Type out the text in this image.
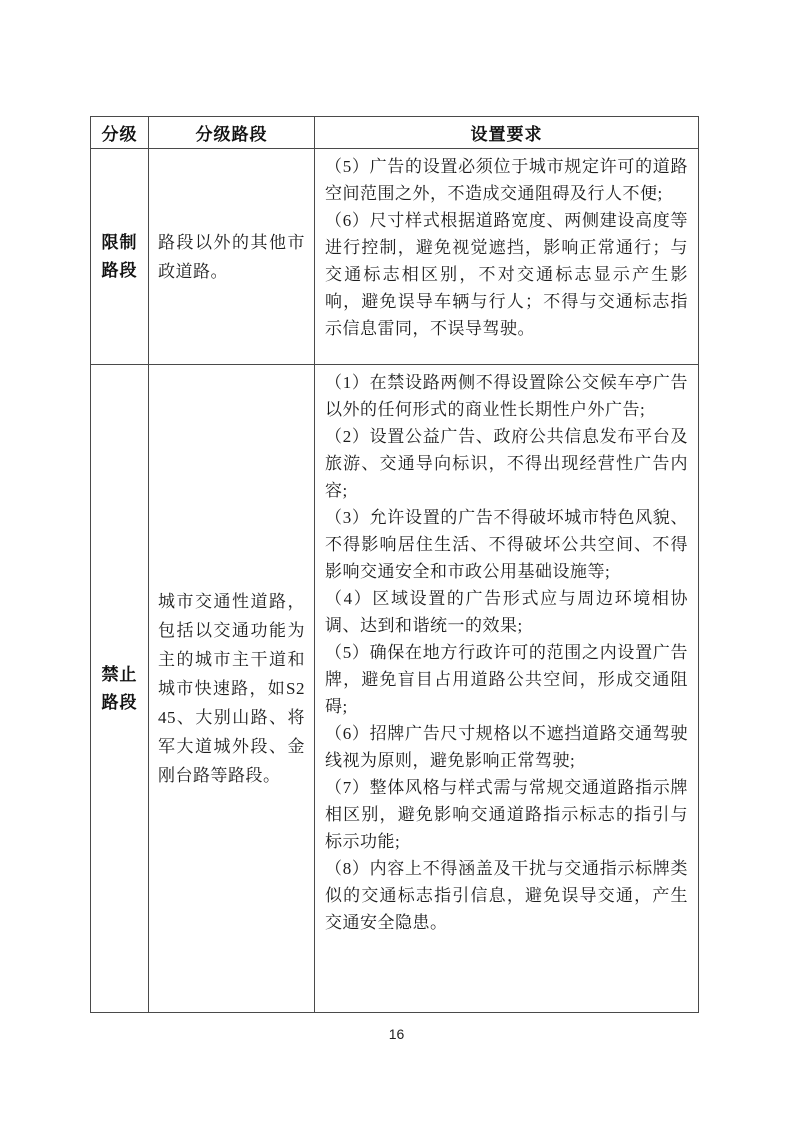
分级	分级路段	设置要求
限制路段	路段以外的其他市政道路。	（5）广告的设置必须位于城市规定许可的道路空间范围之外，不造成交通阻碍及行人不便;

（6）尺寸样式根据道路宽度、两侧建设高度等进行控制，避免视觉遮挡，影响正常通行；与交通标志相区别，不对交通标志显示产生影响，避免误导车辆与行人；不得与交通标志指示信息雷同，不误导驾驶。

禁止路段	城市交通性道路，包括以交通功能为主的城市主干道和城市快速路，如S245、大别山路、将军大道城外段、金刚台路等路段。	

（1）在禁设路两侧不得设置除公交候车亭广告以外的任何形式的商业性长期性户外广告;

（2）设置公益广告、政府公共信息发布平台及旅游、交通导向标识，不得出现经营性广告内容;

（3）允许设置的广告不得破坏城市特色风貌、不得影响居住生活、不得破坏公共空间、不得影响交通安全和市政公用基础设施等;

（4）区域设置的广告形式应与周边环境相协调、达到和谐统一的效果;

（5）确保在地方行政许可的范围之内设置广告牌，避免盲目占用道路公共空间，形成交通阻碍;

（6）招牌广告尺寸规格以不遮挡道路交通驾驶线视为原则，避免影响正常驾驶;

（7）整体风格与样式需与常规交通道路指示牌相区别，避免影响交通道路指示标志的指引与标示功能;

（8）内容上不得涵盖及干扰与交通指示标牌类似的交通标志指引信息，避免误导交通，产生交通安全隐患。

16
